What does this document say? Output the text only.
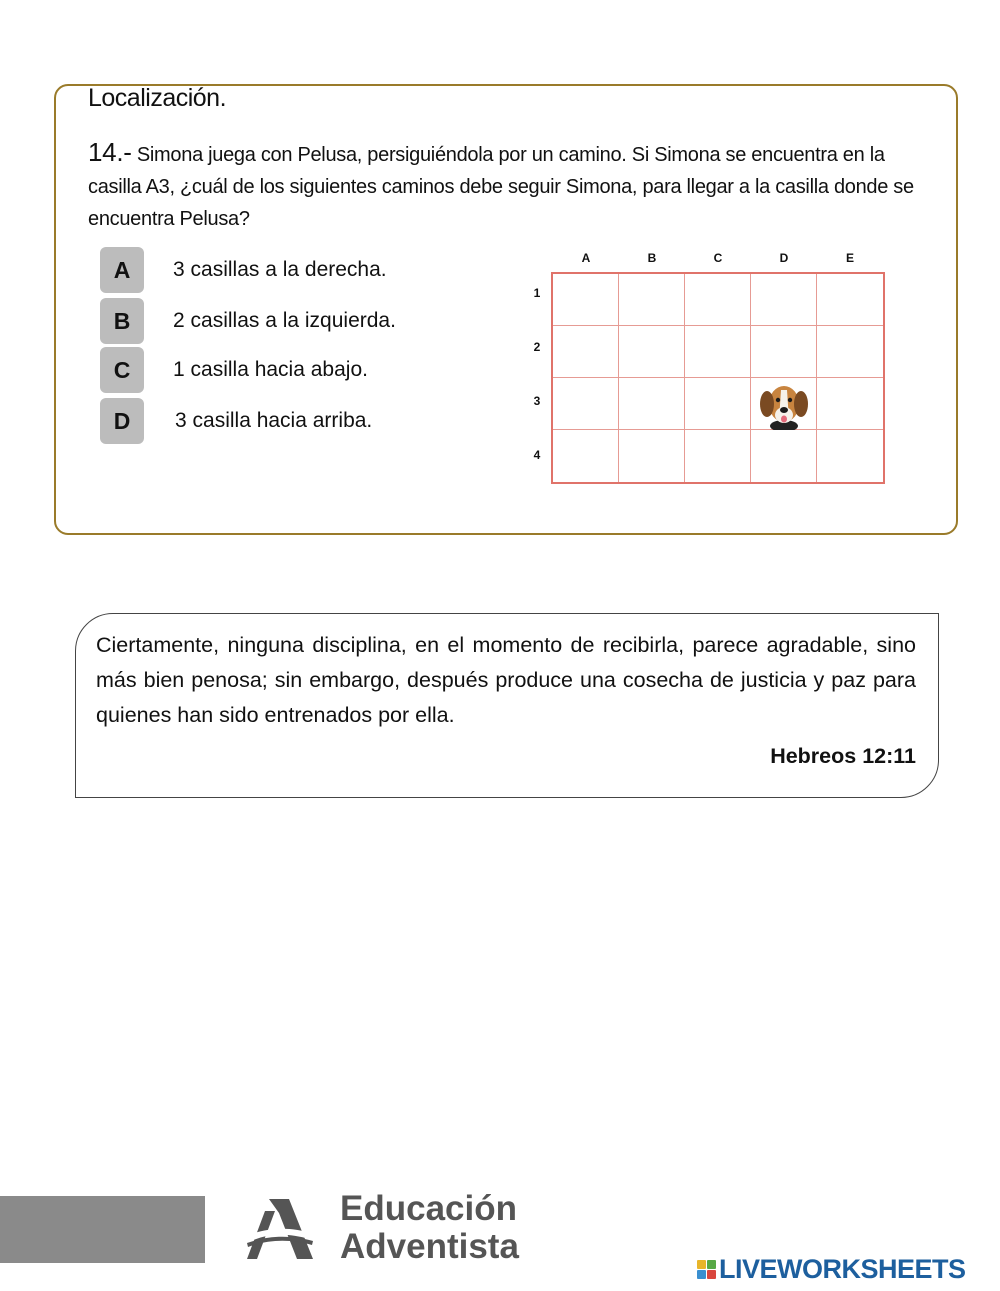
Localización.

14.- Simona juega con Pelusa, persiguiéndola por un camino. Si Simona se encuentra en la casilla A3, ¿cuál de los siguientes caminos debe seguir Simona, para llegar a la casilla donde se encuentra Pelusa?

A	3 casillas a la derecha.
B	2 casillas a la izquierda.
C	1 casilla hacia abajo.
D	3 casilla hacia arriba.
A	B	C	D	E
1
2
3
4

Ciertamente, ninguna disciplina, en el momento de recibirla, parece agradable, sino más bien penosa; sin embargo, después produce una cosecha de justicia y paz para quienes han sido entrenados por ella.

Hebreos 12:11

Educación
Adventista
LIVEWORKSHEETS
